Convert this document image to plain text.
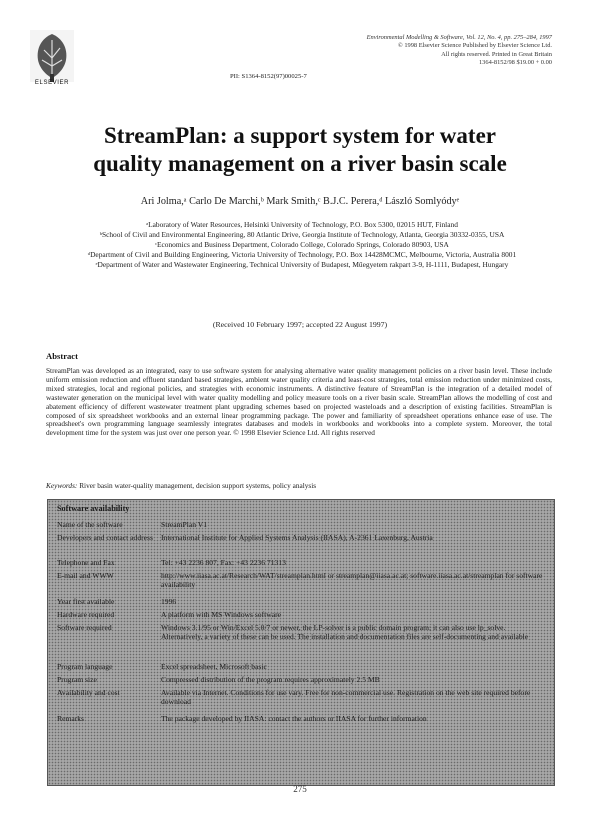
ELSEVIER
Environmental Modelling & Software, Vol. 12, No. 4, pp. 275–284, 1997
© 1998 Elsevier Science Published by Elsevier Science Ltd.
All rights reserved. Printed in Great Britain
1364-8152/98 $19.00 + 0.00
PII: S1364-8152(97)00025-7
StreamPlan: a support system for water
quality management on a river basin scale
Ari Jolma,ᵃ Carlo De Marchi,ᵇ Mark Smith,ᶜ B.J.C. Perera,ᵈ László Somlyódyᵉ
ᵃLaboratory of Water Resources, Helsinki University of Technology, P.O. Box 5300, 02015 HUT, Finland
ᵇSchool of Civil and Environmental Engineering, 80 Atlantic Drive, Georgia Institute of Technology, Atlanta, Georgia 30332-0355, USA
ᶜEconomics and Business Department, Colorado College, Colorado Springs, Colorado 80903, USA
ᵈDepartment of Civil and Building Engineering, Victoria University of Technology, P.O. Box 14428MCMC, Melbourne, Victoria, Australia 8001
ᵉDepartment of Water and Wastewater Engineering, Technical University of Budapest, Műegyetem rakpart 3-9, H-1111, Budapest, Hungary
(Received 10 February 1997; accepted 22 August 1997)
Abstract
StreamPlan was developed as an integrated, easy to use software system for analysing alternative water quality management policies on a river basin level. These include uniform emission reduction and effluent standard based strategies, ambient water quality criteria and least-cost strategies, total emission reduction under minimized costs, mixed strategies, local and regional policies, and strategies with economic instruments. A distinctive feature of StreamPlan is the integration of a detailed model of wastewater generation on the municipal level with water quality modelling and policy measure tools on a river basin scale. StreamPlan allows the modelling of cost and abatement efficiency of different wastewater treatment plant upgrading schemes based on projected wasteloads and a description of existing facilities. StreamPlan is composed of six spreadsheet workbooks and an external linear programming package. The power and familiarity of spreadsheet operations enhance ease of use. The spreadsheet's own programming language seamlessly integrates databases and models in workbooks and workbooks into a complete system. Moreover, the total development time for the system was just over one person year. © 1998 Elsevier Science Ltd. All rights reserved
Keywords: River basin water-quality management, decision support systems, policy analysis
Software availability
Name of the software	StreamPlan V1
Developers and contact address	International Institute for Applied Systems Analysis (IIASA), A-2361 Laxenburg, Austria
Telephone and Fax	Tel: +43 2236 807, Fax: +43 2236 71313
E-mail and WWW	http://www.iiasa.ac.at/Research/WAT/streamplan.html or streamplan@iiasa.ac.at; software.iiasa.ac.at/streamplan for software availability
Year first available	1996
Hardware required	A platform with MS Windows software
Software required	Windows 3.1/95 or Win/Excel 5.0/7 or newer, the LP-solver is a public domain program; it can also use lp_solve. Alternatively, a variety of these can be used. The installation and documentation files are self-documenting and available
Program language	Excel spreadsheet, Microsoft basic
Program size	Compressed distribution of the program requires approximately 2.5 MB
Availability and cost	Available via Internet. Conditions for use vary. Free for non-commercial use. Registration on the web site required before download
Remarks	The package developed by IIASA: contact the authors or IIASA for further information
275
